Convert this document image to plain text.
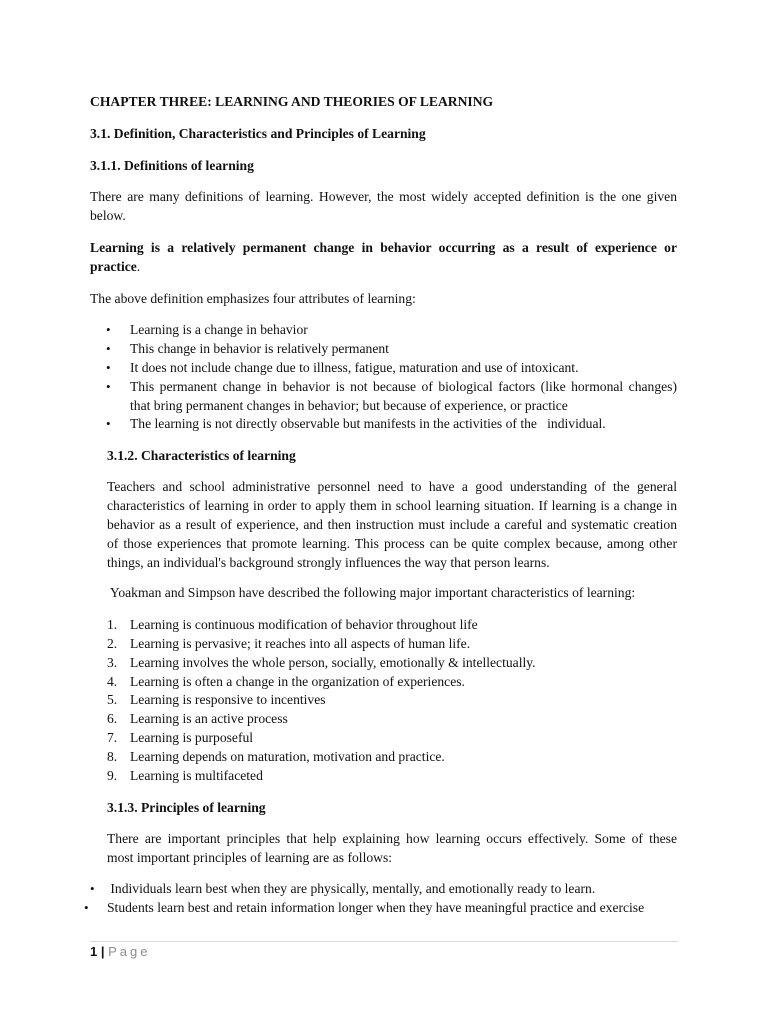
CHAPTER THREE: LEARNING AND THEORIES OF LEARNING
3.1. Definition, Characteristics and Principles of Learning
3.1.1. Definitions of learning
There are many definitions of learning. However, the most widely accepted definition is the one given
below.
Learning is a relatively permanent change in behavior occurring as a result of experience or
practice.
The above definition emphasizes four attributes of learning:
• Learning is a change in behavior
• This change in behavior is relatively permanent
• It does not include change due to illness, fatigue, maturation and use of intoxicant.
• This permanent change in behavior is not because of biological factors (like hormonal changes)
that bring permanent changes in behavior; but because of experience, or practice
• The learning is not directly observable but manifests in the activities of the   individual.
3.1.2. Characteristics of learning
Teachers and school administrative personnel need to have a good understanding of the general
characteristics of learning in order to apply them in school learning situation. If learning is a change in
behavior as a result of experience, and then instruction must include a careful and systematic creation
of those experiences that promote learning. This process can be quite complex because, among other
things, an individual's background strongly influences the way that person learns.
Yoakman and Simpson have described the following major important characteristics of learning:
1. Learning is continuous modification of behavior throughout life
2. Learning is pervasive; it reaches into all aspects of human life.
3. Learning involves the whole person, socially, emotionally & intellectually.
4. Learning is often a change in the organization of experiences.
5. Learning is responsive to incentives
6. Learning is an active process
7. Learning is purposeful
8. Learning depends on maturation, motivation and practice.
9. Learning is multifaceted
3.1.3. Principles of learning
There are important principles that help explaining how learning occurs effectively. Some of these
most important principles of learning are as follows:
• Individuals learn best when they are physically, mentally, and emotionally ready to learn.
• Students learn best and retain information longer when they have meaningful practice and exercise
1 | Page
